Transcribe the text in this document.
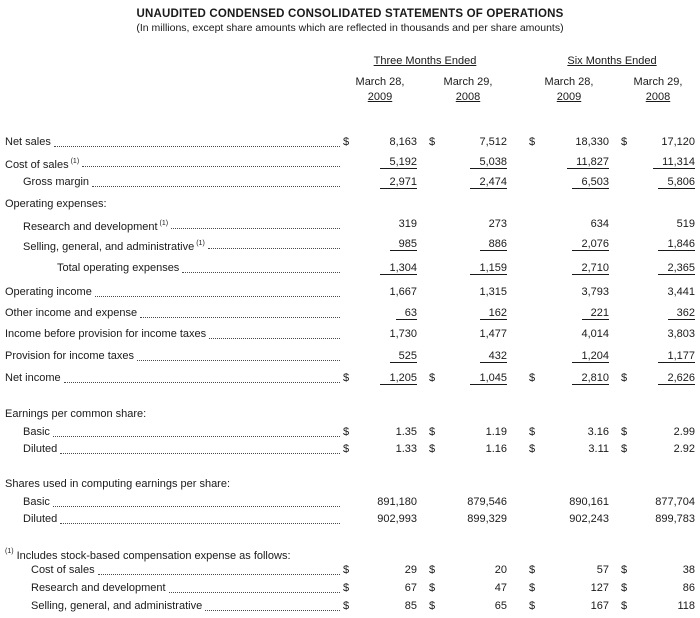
UNAUDITED CONDENSED CONSOLIDATED STATEMENTS OF OPERATIONS
(In millions, except share amounts which are reflected in thousands and per share amounts)
Three Months Ended	Six Months Ended
March 28,
2009
March 29,
2008
March 28,
2009
March 29,
2008
Net sales	$	8,163 $	7,512 $	18,330 $	17,120
Cost of sales $^{(1)}$	5,192	5,038	11,827	11,314
Gross margin	2,971	2,474	6,503	5,806
Operating expenses:
Research and development $^{(1)}$	319	273	634	519
Selling, general, and administrative $^{(1)}$	985	886	2,076	1,846
Total operating expenses	1,304	1,159	2,710	2,365
Operating income	1,667	1,315	3,793	3,441
Other income and expense	63	162	221	362
Income before provision for income taxes	1,730	1,477	4,014	3,803
Provision for income taxes	525	432	1,204	1,177
Net income	$	1,205 $	1,045 $	2,810 $	2,626
Earnings per common share:
Basic	$	1.35 $	1.19 $	3.16 $	2.99
Diluted	$	1.33 $	1.16 $	3.11 $	2.92
Shares used in computing earnings per share:
Basic	891,180	879,546	890,161	877,704
Diluted	902,993	899,329	902,243	899,783
$^{(1)}$ Includes stock-based compensation expense as follows:
Cost of sales	$	29 $	20 $	57 $	38
Research and development	$	67 $	47 $	127 $	86
Selling, general, and administrative	$	85 $	65 $	167 $	118
